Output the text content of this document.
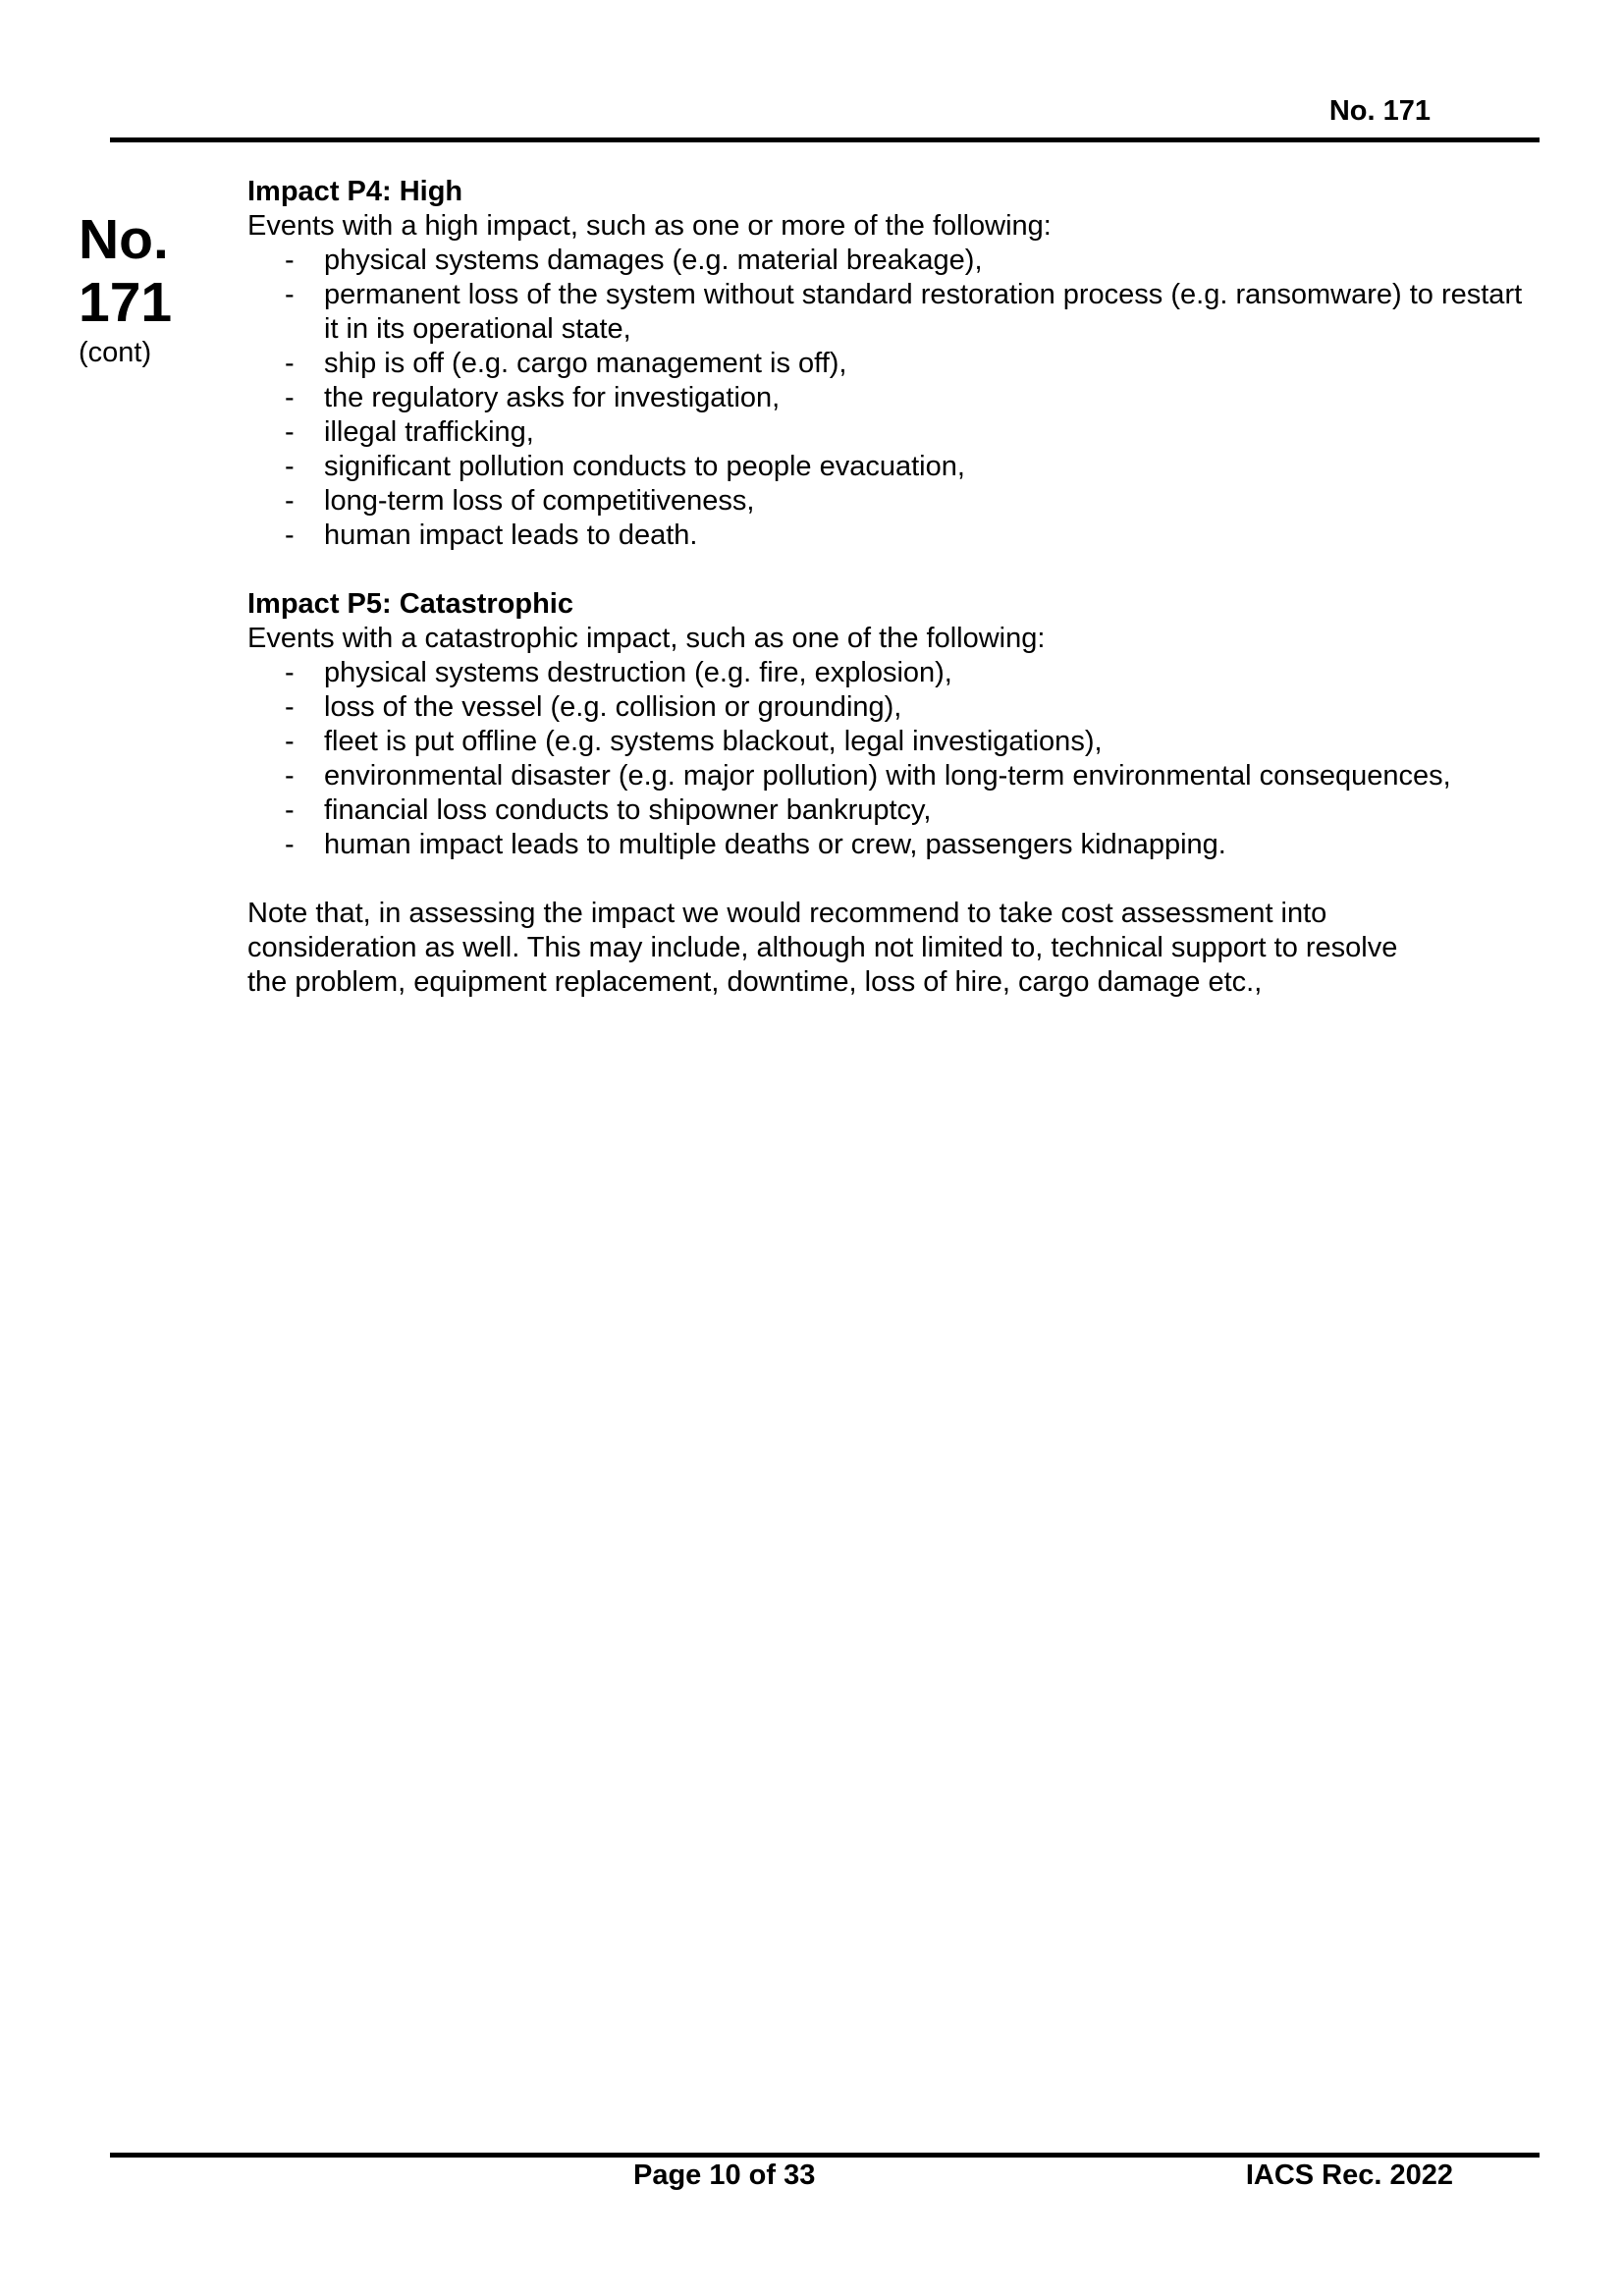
No. 171
No.
171
(cont)
Impact P4: High

Events with a high impact, such as one or more of the following:

- physical systems damages (e.g. material breakage),
- permanent loss of the system without standard restoration process (e.g. ransomware) to restart it in its operational state,
- ship is off (e.g. cargo management is off),
- the regulatory asks for investigation,
- illegal trafficking,
- significant pollution conducts to people evacuation,
- long-term loss of competitiveness,
- human impact leads to death.
Impact P5: Catastrophic

Events with a catastrophic impact, such as one of the following:

- physical systems destruction (e.g. fire, explosion),
- loss of the vessel (e.g. collision or grounding),
- fleet is put offline (e.g. systems blackout, legal investigations),
- environmental disaster (e.g. major pollution) with long-term environmental consequences,
- financial loss conducts to shipowner bankruptcy,
- human impact leads to multiple deaths or crew, passengers kidnapping.
Note that, in assessing the impact we would recommend to take cost assessment into
consideration as well. This may include, although not limited to, technical support to resolve
the problem, equipment replacement, downtime, loss of hire, cargo damage etc.,
Page 10 of 33	IACS Rec. 2022
